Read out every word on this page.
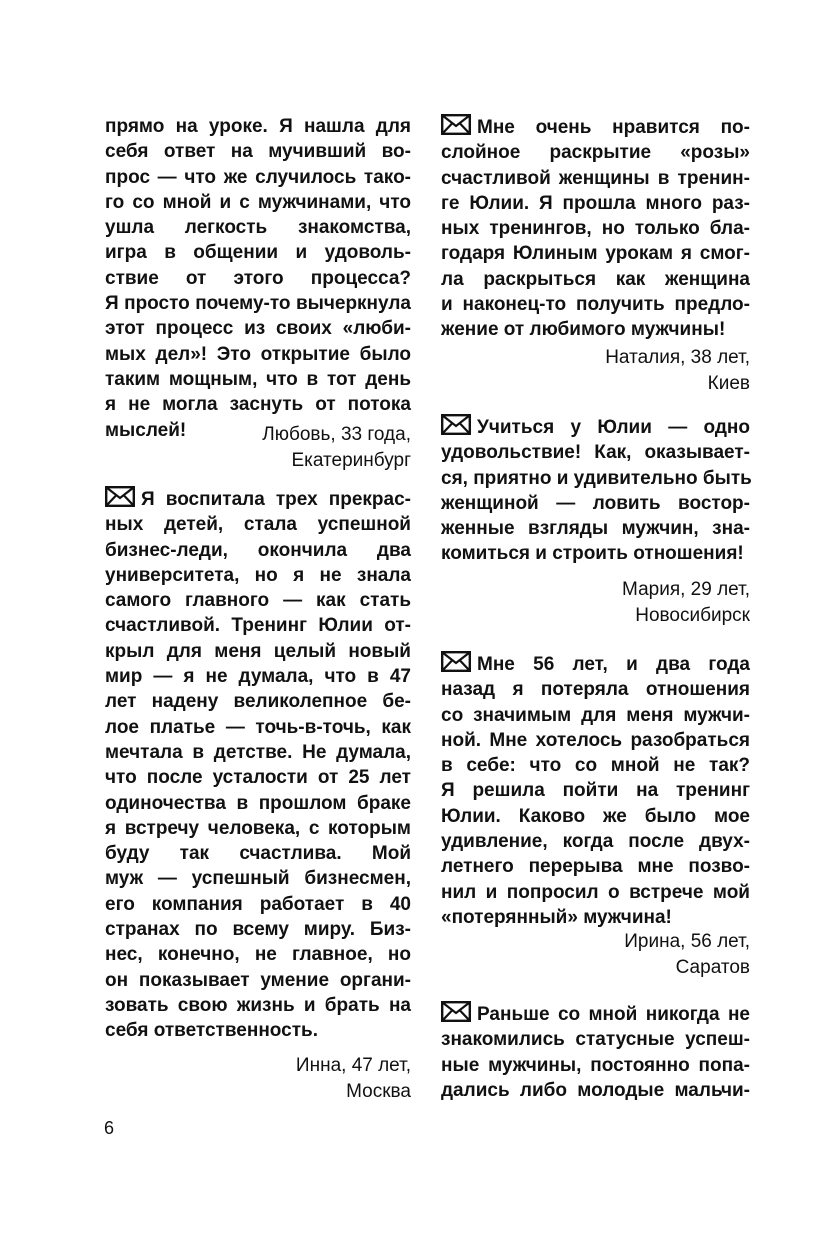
прямо на уроке. Я нашла для
себя ответ на мучивший во-
прос — что же случилось тако-
го со мной и с мужчинами, что
ушла легкость знакомства,
игра в общении и удоволь-
ствие от этого процесса?
Я просто почему-то вычеркнула
этот процесс из своих «люби-
мых дел»! Это открытие было
таким мощным, что в тот день
я не могла заснуть от потока
мыслей!	Любовь, 33 года,
Екатеринбург
Я воспитала трех прекрас-
ных детей, стала успешной
бизнес-леди, окончила два
университета, но я не знала
самого главного — как стать
счастливой. Тренинг Юлии от-
крыл для меня целый новый
мир — я не думала, что в 47
лет надену великолепное бе-
лое платье — точь-в-точь, как
мечтала в детстве. Не думала,
что после усталости от 25 лет
одиночества в прошлом браке
я встречу человека, с которым
буду так счастлива. Мой
муж — успешный бизнесмен,
его компания работает в 40
странах по всему миру. Биз-
нес, конечно, не главное, но
он показывает умение органи-
зовать свою жизнь и брать на
себя ответственность.
Инна, 47 лет,
Москва
Мне очень нравится по-
слойное раскрытие «розы»
счастливой женщины в тренин-
ге Юлии. Я прошла много раз-
ных тренингов, но только бла-
годаря Юлиным урокам я смог-
ла раскрыться как женщина
и наконец-то получить предло-
жение от любимого мужчины!
Наталия, 38 лет,
Киев
Учиться у Юлии — одно
удовольствие! Как, оказывает-
ся, приятно и удивительно быть
женщиной — ловить востор-
женные взгляды мужчин, зна-
комиться и строить отношения!
Мария, 29 лет,
Новосибирск
Мне 56 лет, и два года
назад я потеряла отношения
со значимым для меня мужчи-
ной. Мне хотелось разобраться
в себе: что со мной не так?
Я решила пойти на тренинг
Юлии. Каково же было мое
удивление, когда после двух-
летнего перерыва мне позво-
нил и попросил о встрече мой
«потерянный» мужчина!
Ирина, 56 лет,
Саратов
Раньше со мной никогда не
знакомились статусные успеш-
ные мужчины, постоянно попа-
дались либо молодые мальчи-
6
